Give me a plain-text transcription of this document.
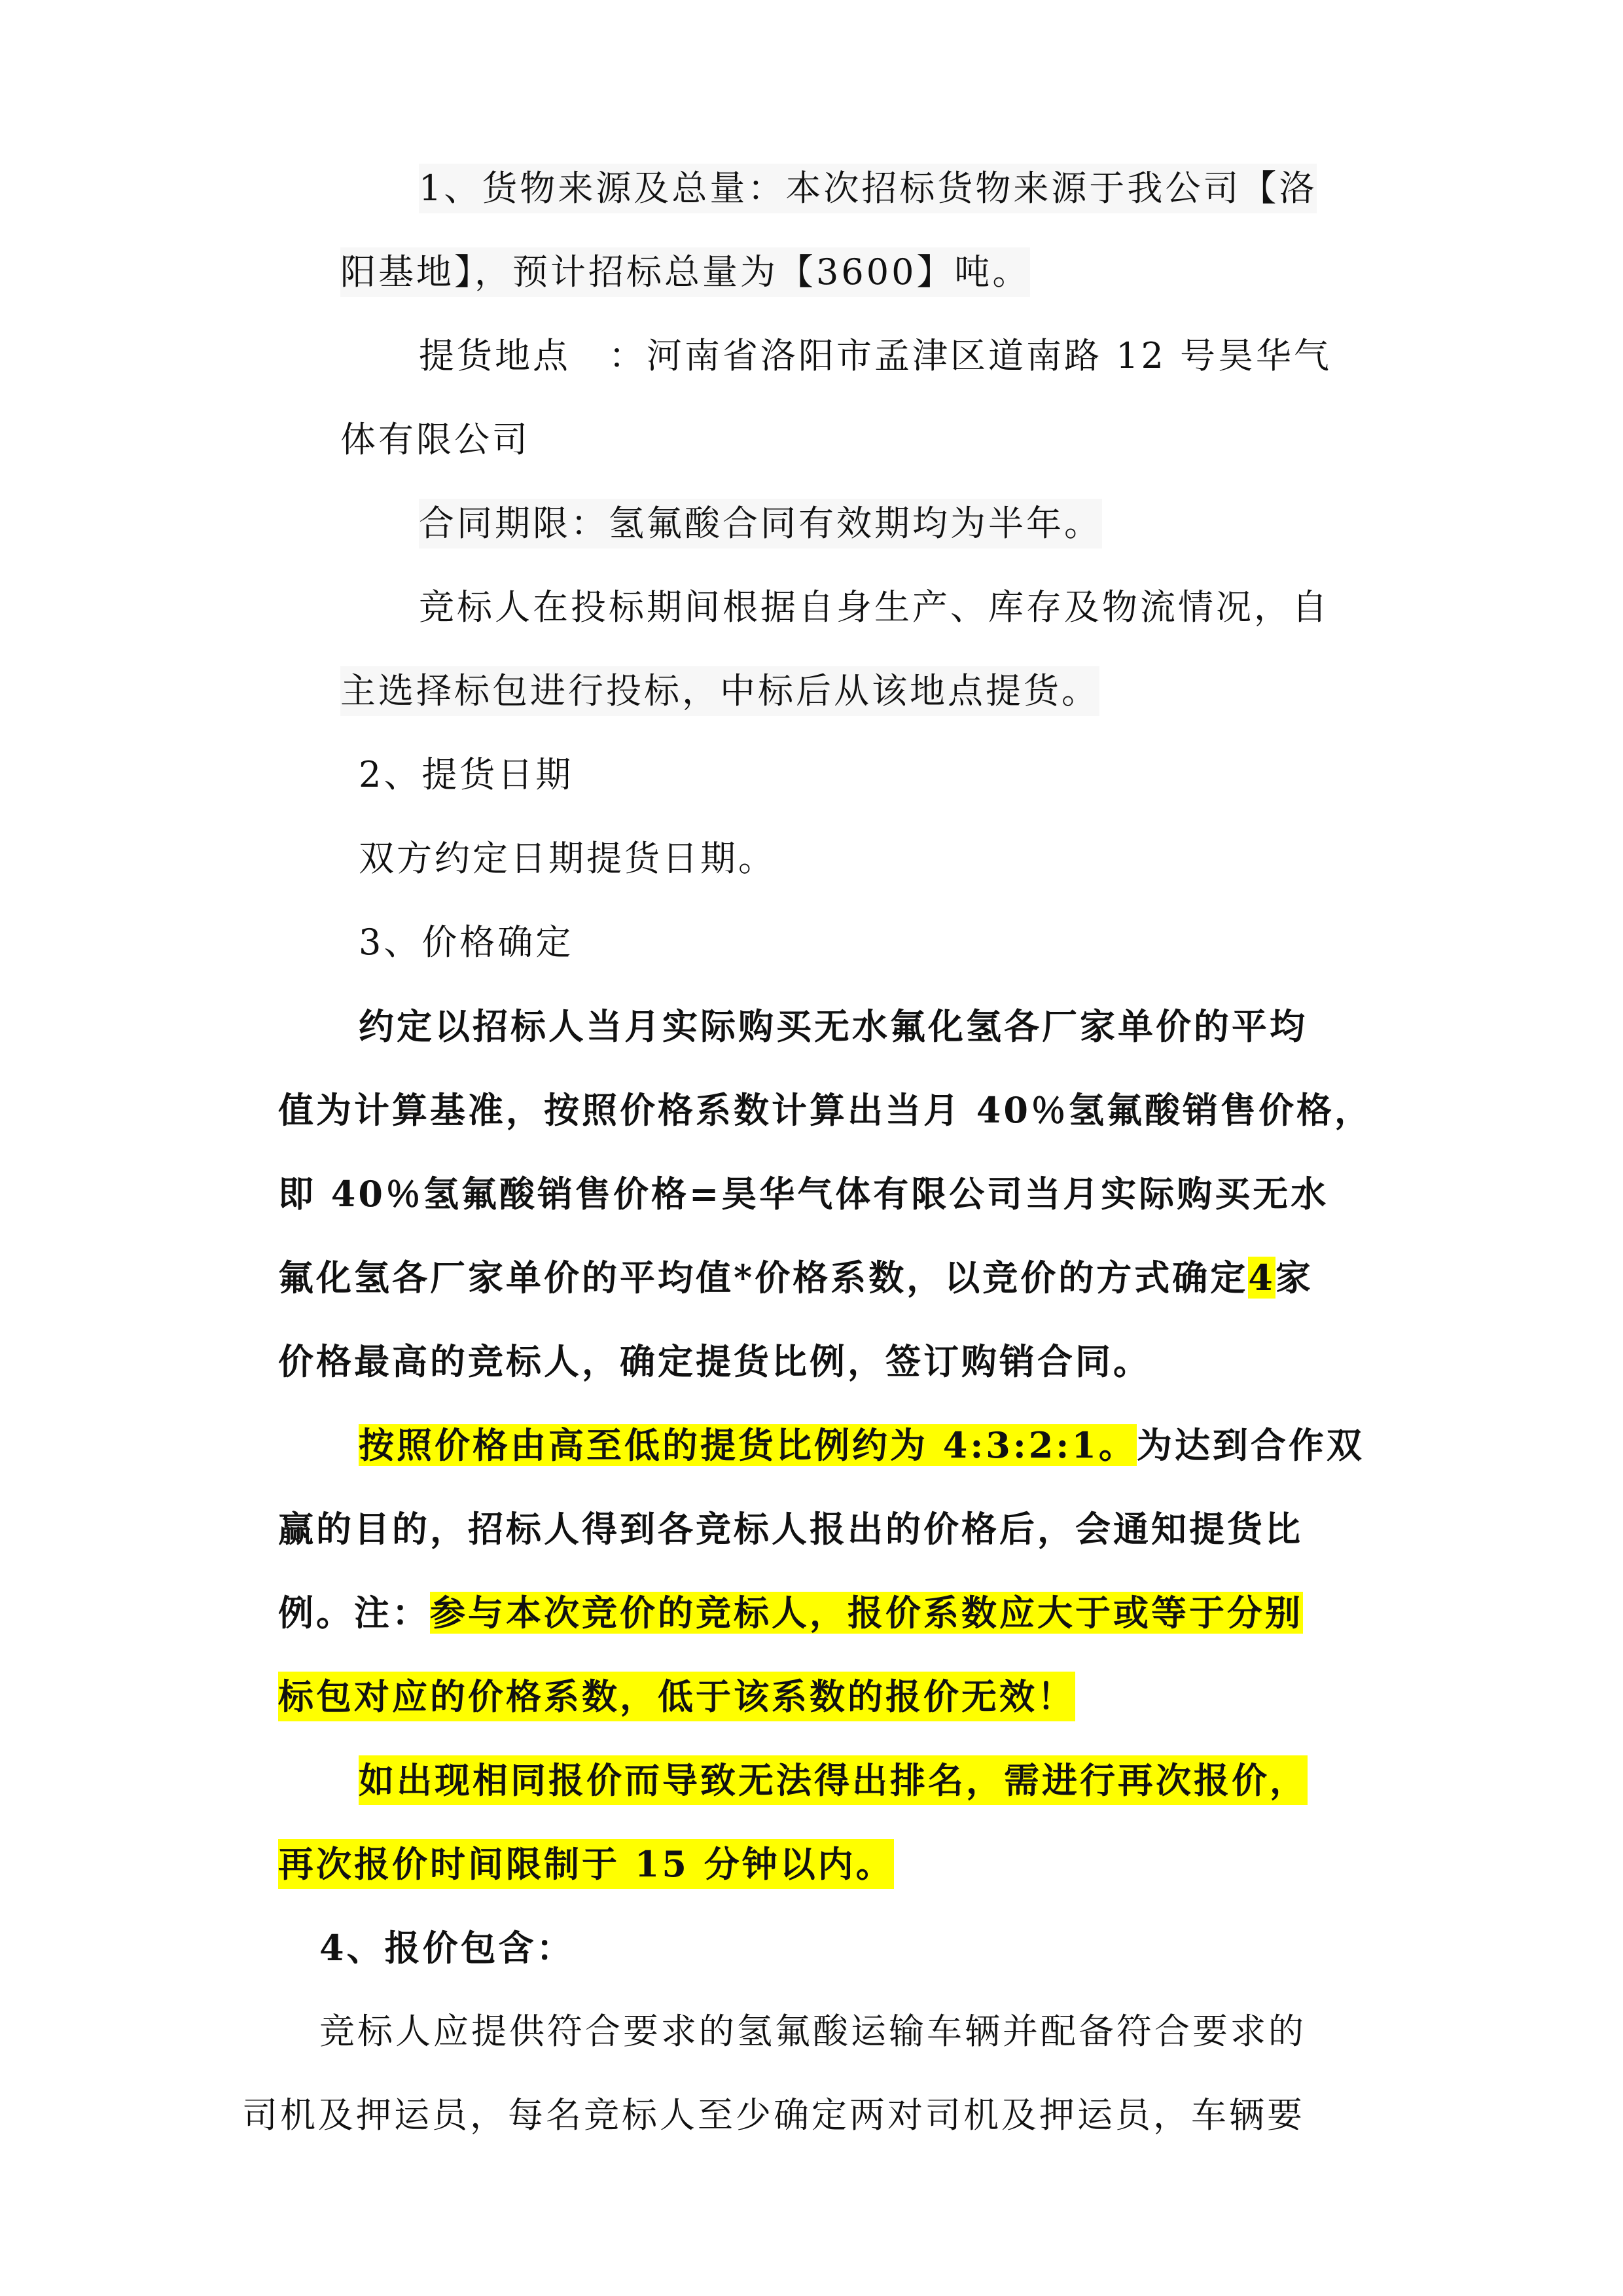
1、货物来源及总量：本次招标货物来源于我公司【洛
阳基地】，预计招标总量为【3600】吨。
提货地点　：河南省洛阳市孟津区道南路 12 号昊华气
体有限公司
合同期限：氢氟酸合同有效期均为半年。
竞标人在投标期间根据自身生产、库存及物流情况，自
主选择标包进行投标，中标后从该地点提货。
2、提货日期
双方约定日期提货日期。
3、价格确定
约定以招标人当月实际购买无水氟化氢各厂家单价的平均
值为计算基准，按照价格系数计算出当月 40％氢氟酸销售价格，
即 40％氢氟酸销售价格=昊华气体有限公司当月实际购买无水
氟化氢各厂家单价的平均值*价格系数，以竞价的方式确定4家
价格最高的竞标人，确定提货比例，签订购销合同。
按照价格由高至低的提货比例约为 4:3:2:1。为达到合作双
赢的目的，招标人得到各竞标人报出的价格后，会通知提货比
例。注：参与本次竞价的竞标人，报价系数应大于或等于分别
标包对应的价格系数，低于该系数的报价无效！
如出现相同报价而导致无法得出排名，需进行再次报价，
再次报价时间限制于 15 分钟以内。
4、报价包含：
竞标人应提供符合要求的氢氟酸运输车辆并配备符合要求的
司机及押运员，每名竞标人至少确定两对司机及押运员，车辆要
